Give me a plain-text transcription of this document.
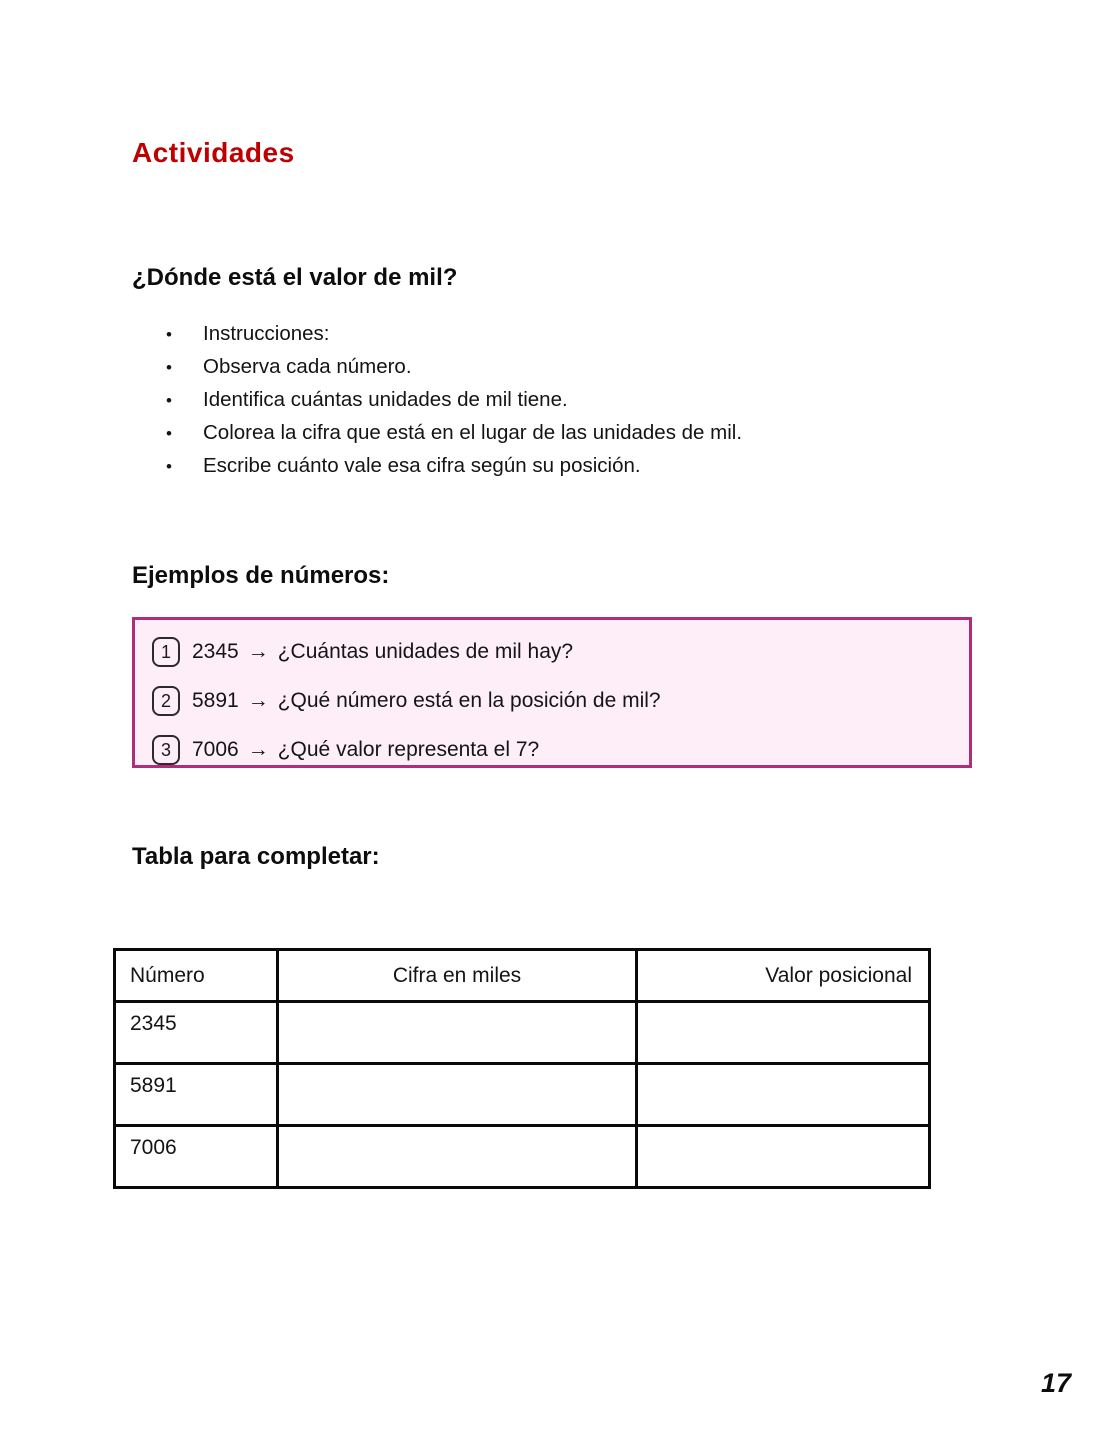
Actividades
¿Dónde está el valor de mil?
•	Instrucciones:
•	Observa cada número.
•	Identifica cuántas unidades de mil tiene.
•	Colorea la cifra que está en el lugar de las unidades de mil.
•	Escribe cuánto vale esa cifra según su posición.
Ejemplos de números:
1	2345 → ¿Cuántas unidades de mil hay?
2	5891 → ¿Qué número está en la posición de mil?
3	7006 → ¿Qué valor representa el 7?
Tabla para completar:
Número	Cifra en miles	Valor posicional
2345		
5891		
7006		
17
